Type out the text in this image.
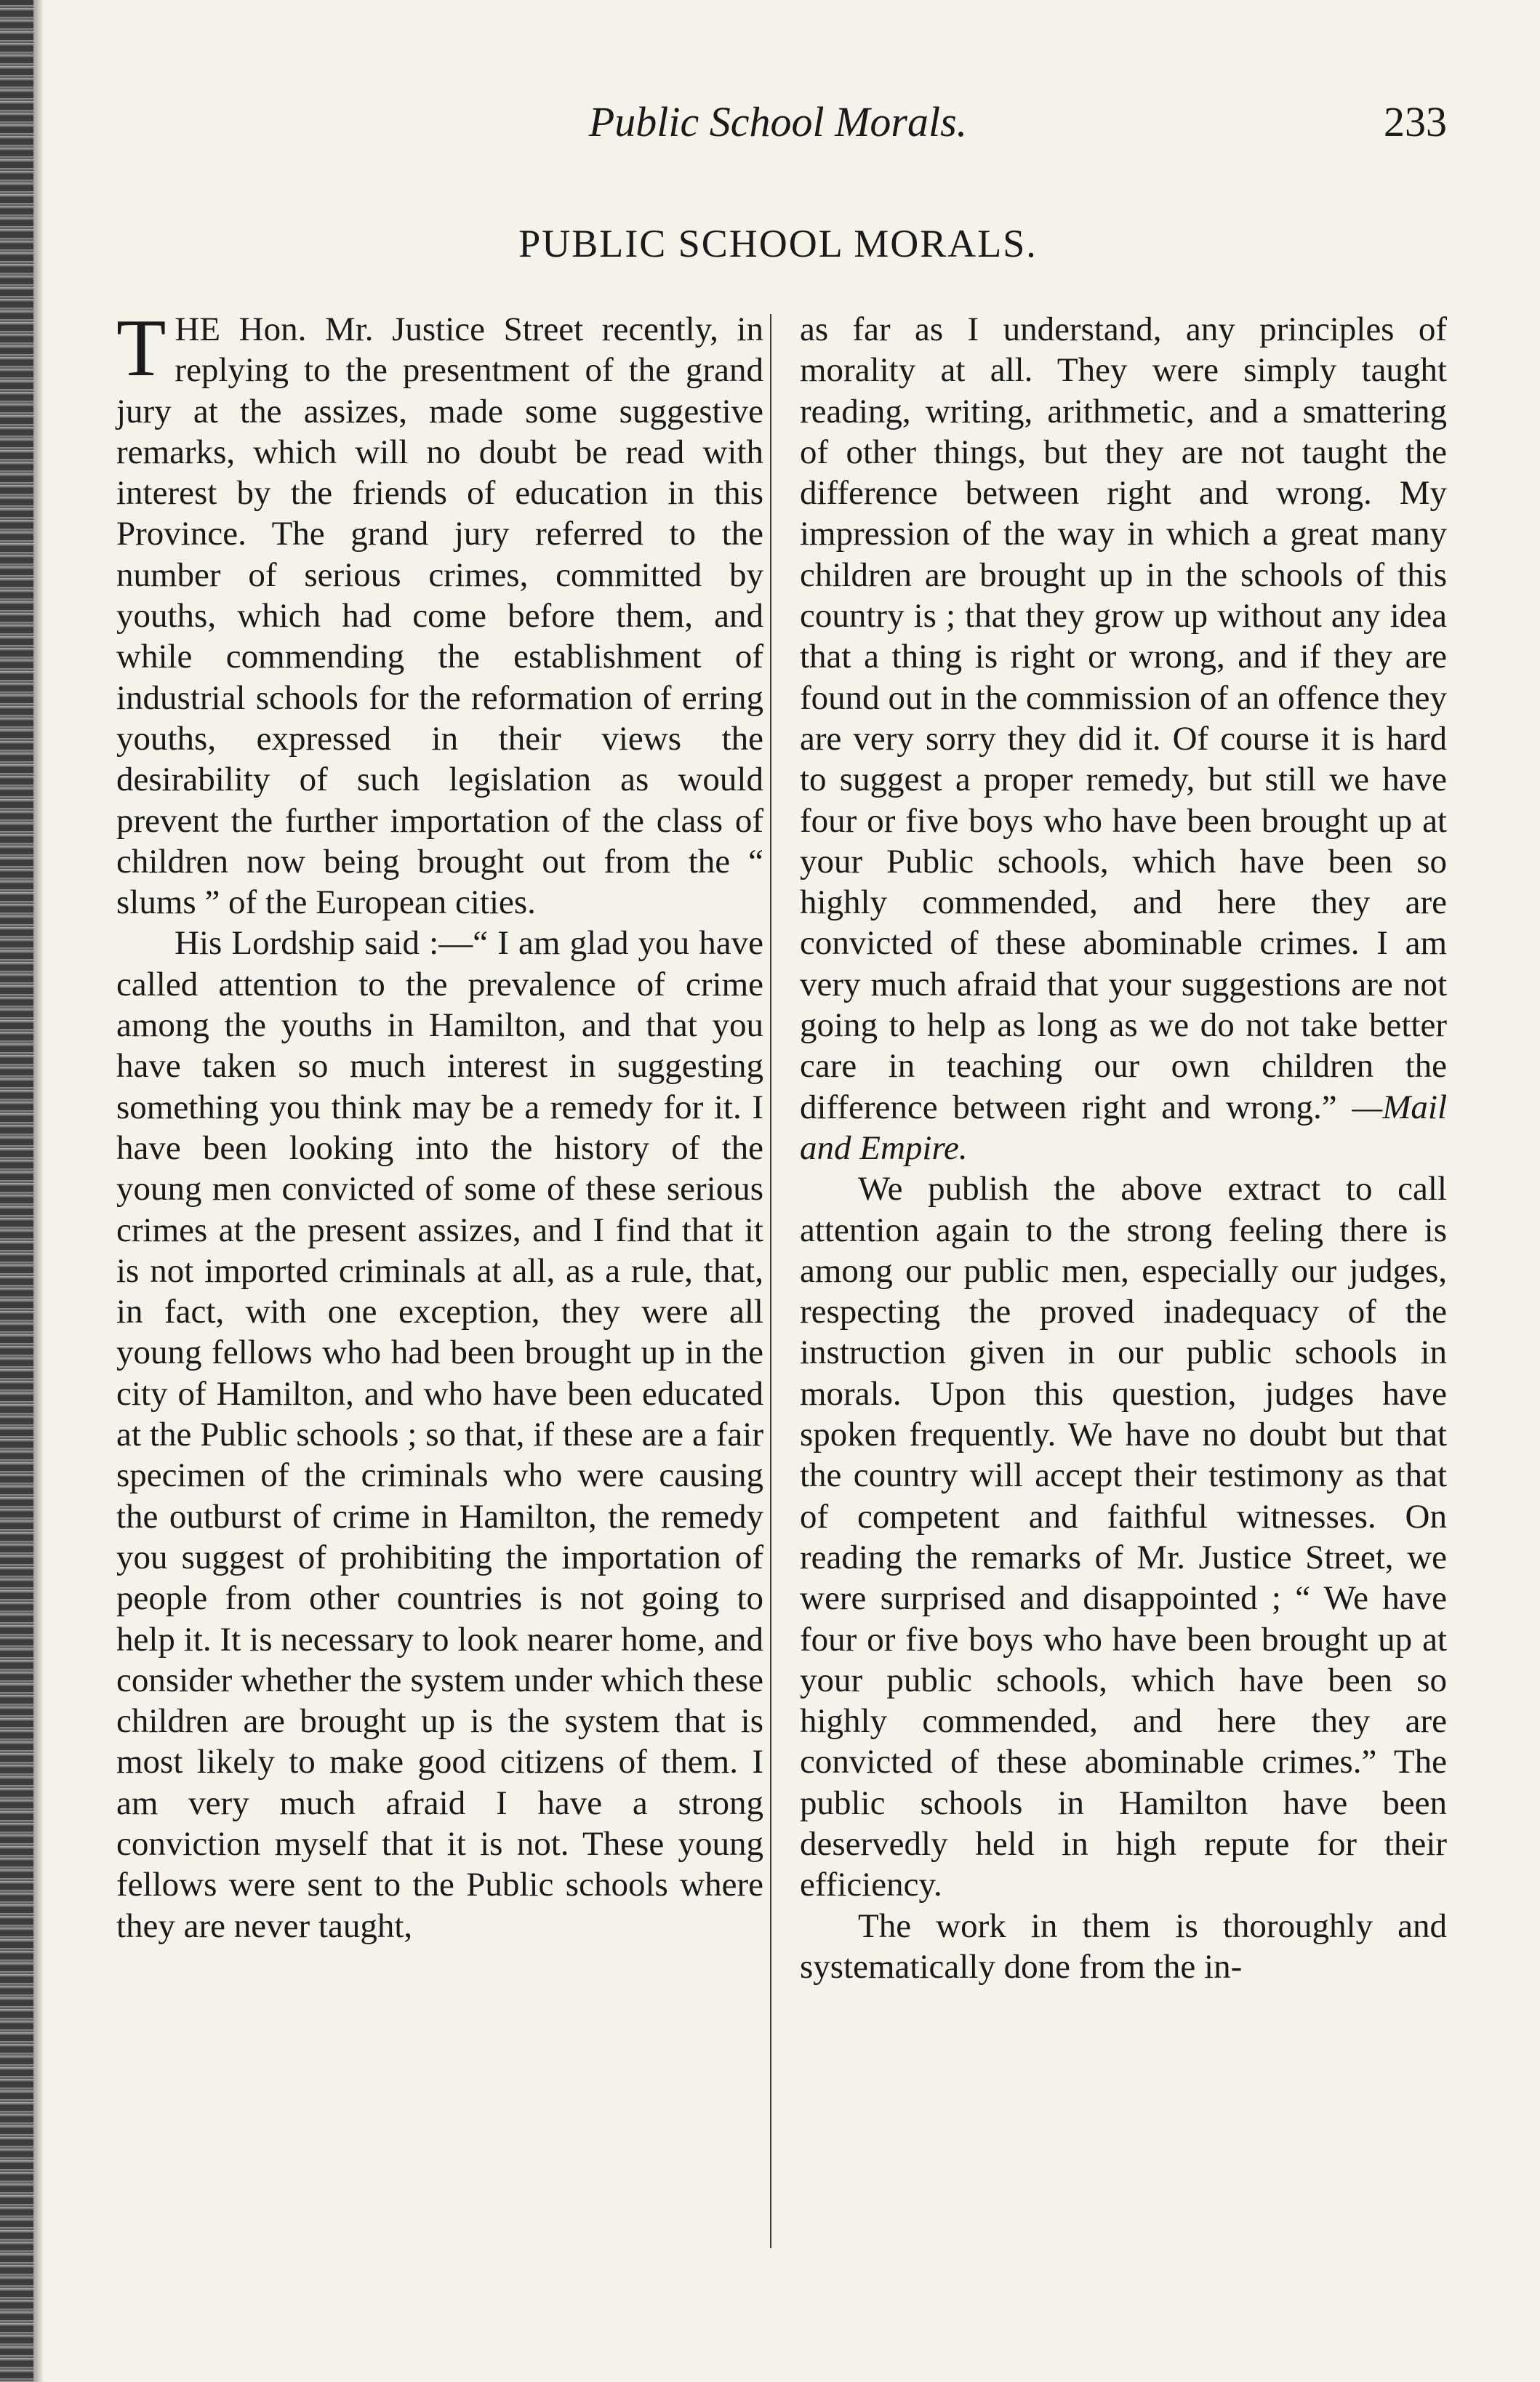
Public School Morals.	233
PUBLIC SCHOOL MORALS.

THE Hon. Mr. Justice Street recently, in replying to the presentment of the grand jury at the assizes, made some suggestive remarks, which will no doubt be read with interest by the friends of education in this Province. The grand jury referred to the number of serious crimes, committed by youths, which had come before them, and while commending the establishment of industrial schools for the reformation of erring youths, expressed in their views the desirability of such legislation as would prevent the further importation of the class of children now being brought out from the “ slums ” of the European cities.

His Lordship said :—“ I am glad you have called attention to the prevalence of crime among the youths in Hamilton, and that you have taken so much interest in suggesting something you think may be a remedy for it. I have been looking into the history of the young men convicted of some of these serious crimes at the present assizes, and I find that it is not imported criminals at all, as a rule, that, in fact, with one exception, they were all young fellows who had been brought up in the city of Hamilton, and who have been educated at the Public schools ; so that, if these are a fair specimen of the criminals who were causing the outburst of crime in Hamilton, the remedy you suggest of prohibiting the importation of people from other countries is not going to help it. It is necessary to look nearer home, and consider whether the system under which these children are brought up is the system that is most likely to make good citizens of them. I am very much afraid I have a strong conviction myself that it is not. These young fellows were sent to the Public schools where they are never taught,

as far as I understand, any principles of morality at all. They were simply taught reading, writing, arithmetic, and a smattering of other things, but they are not taught the difference between right and wrong. My impression of the way in which a great many children are brought up in the schools of this country is ; that they grow up without any idea that a thing is right or wrong, and if they are found out in the commission of an offence they are very sorry they did it. Of course it is hard to suggest a proper remedy, but still we have four or five boys who have been brought up at your Public schools, which have been so highly commended, and here they are convicted of these abominable crimes. I am very much afraid that your suggestions are not going to help as long as we do not take better care in teaching our own children the difference between right and wrong.” —Mail and Empire.

We publish the above extract to call attention again to the strong feeling there is among our public men, especially our judges, respecting the proved inadequacy of the instruction given in our public schools in morals. Upon this question, judges have spoken frequently. We have no doubt but that the country will accept their testimony as that of competent and faithful witnesses. On reading the remarks of Mr. Justice Street, we were surprised and disappointed ; “ We have four or five boys who have been brought up at your public schools, which have been so highly commended, and here they are convicted of these abominable crimes.” The public schools in Hamilton have been deservedly held in high repute for their efficiency.

The work in them is thoroughly and systematically done from the in-
